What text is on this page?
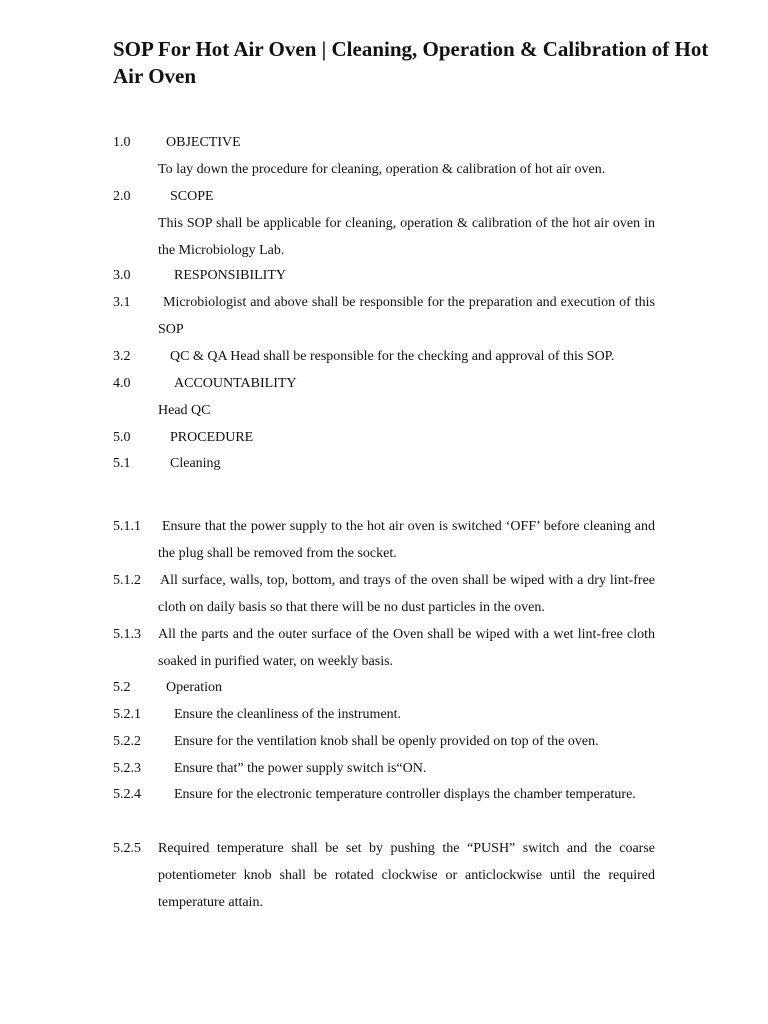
SOP For Hot Air Oven | Cleaning, Operation & Calibration of Hot Air Oven
1.0	OBJECTIVE
To lay down the procedure for cleaning, operation & calibration of hot air oven.
2.0	SCOPE
This SOP shall be applicable for cleaning, operation & calibration of the hot air oven in the Microbiology Lab.
3.0	RESPONSIBILITY
3.1	Microbiologist and above shall be responsible for the preparation and execution of this SOP
3.2	QC & QA Head shall be responsible for the checking and approval of this SOP.
4.0	ACCOUNTABILITY
Head QC
5.0	PROCEDURE
5.1	Cleaning
5.1.1 Ensure that the power supply to the hot air oven is switched ‘OFF’ before cleaning and the plug shall be removed from the socket.
5.1.2 All surface, walls, top, bottom, and trays of the oven shall be wiped with a dry lint-free cloth on daily basis so that there will be no dust particles in the oven.
5.1.3 All the parts and the outer surface of the Oven shall be wiped with a wet lint-free cloth soaked in purified water, on weekly basis.
5.2	Operation
5.2.1 Ensure the cleanliness of the instrument.
5.2.2 Ensure for the ventilation knob shall be openly provided on top of the oven.
5.2.3 Ensure that” the power supply switch is“ON.
5.2.4	Ensure for the electronic temperature controller displays the chamber temperature.
5.2.5 Required temperature shall be set by pushing the “PUSH” switch and the coarse potentiometer knob shall be rotated clockwise or anticlockwise until the required temperature attain.
